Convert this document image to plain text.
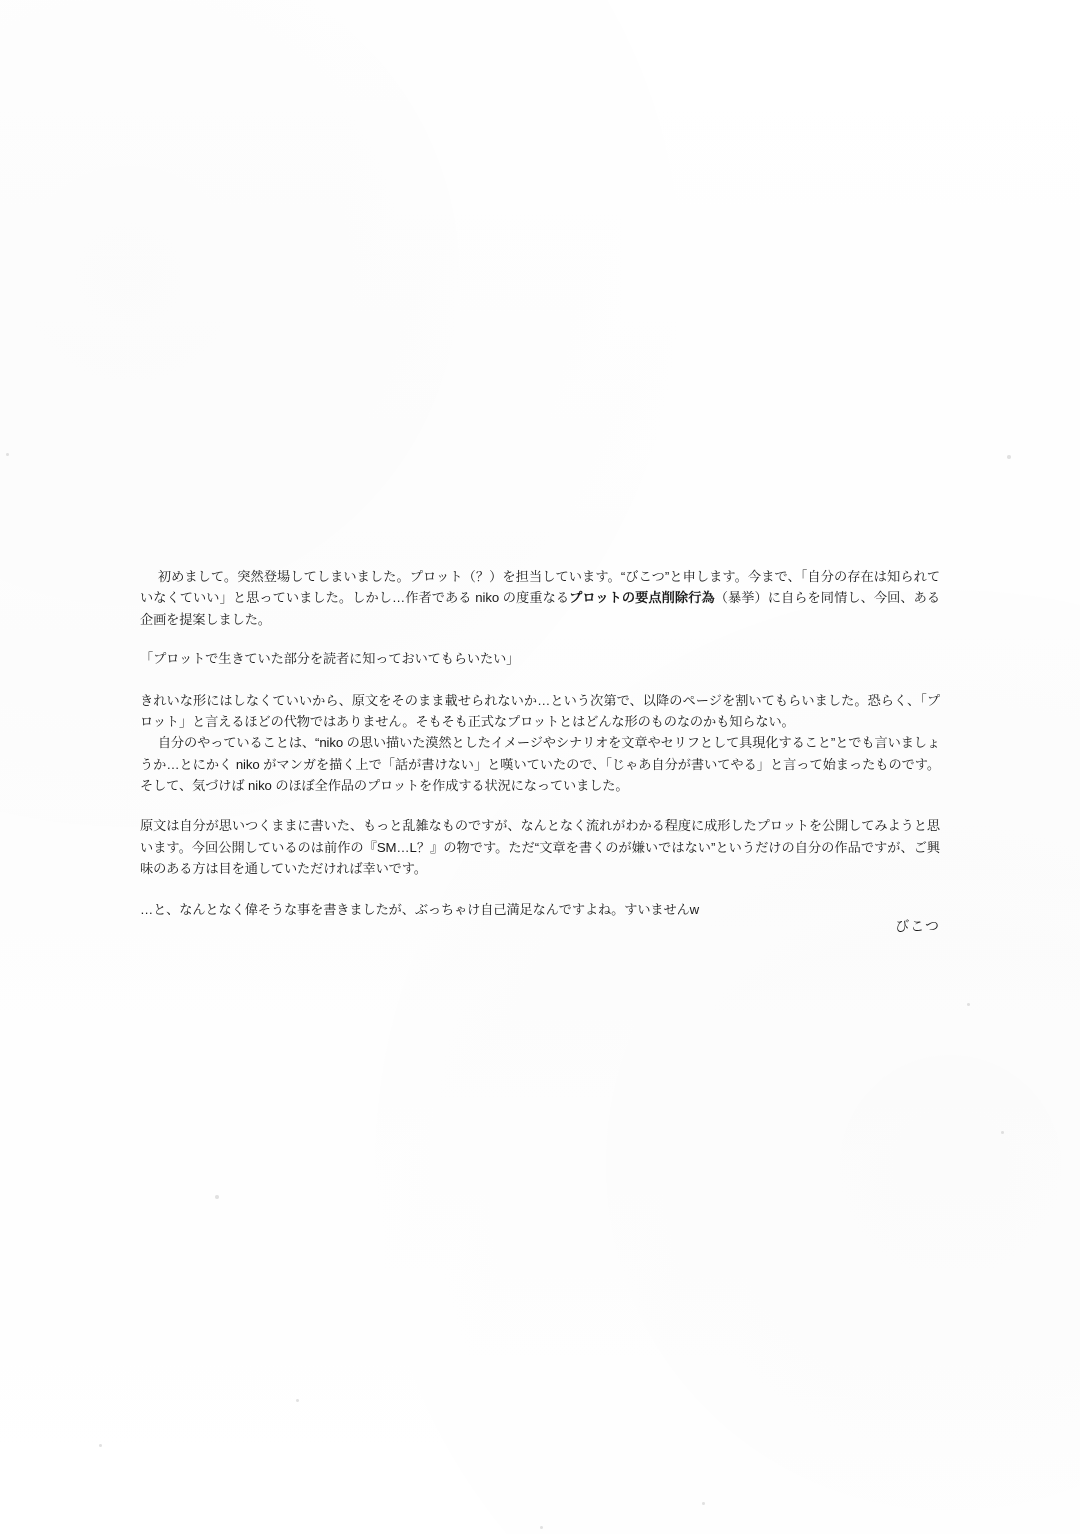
初めまして。突然登場してしまいました。プロット（？）を担当しています。“びこつ”と申します。今まで、「自分の存在は知られていなくていい」と思っていました。しかし…作者である niko の度重なるプロットの要点削除行為（暴挙）に自らを同情し、今回、ある企画を提案しました。

「プロットで生きていた部分を読者に知っておいてもらいたい」

きれいな形にはしなくていいから、原文をそのまま載せられないか…という次第で、以降のページを割いてもらいました。恐らく、「プロット」と言えるほどの代物ではありません。そもそも正式なプロットとはどんな形のものなのかも知らない。

自分のやっていることは、“niko の思い描いた漠然としたイメージやシナリオを文章やセリフとして具現化すること”とでも言いましょうか…とにかく niko がマンガを描く上で「話が書けない」と嘆いていたので、「じゃあ自分が書いてやる」と言って始まったものです。そして、気づけば niko のほぼ全作品のプロットを作成する状況になっていました。

原文は自分が思いつくままに書いた、もっと乱雑なものですが、なんとなく流れがわかる程度に成形したプロットを公開してみようと思います。今回公開しているのは前作の『SM…L？』の物です。ただ“文章を書くのが嫌いではない”というだけの自分の作品ですが、ご興味のある方は目を通していただければ幸いです。

…と、なんとなく偉そうな事を書きましたが、ぶっちゃけ自己満足なんですよね。すいませんw

びこつ
